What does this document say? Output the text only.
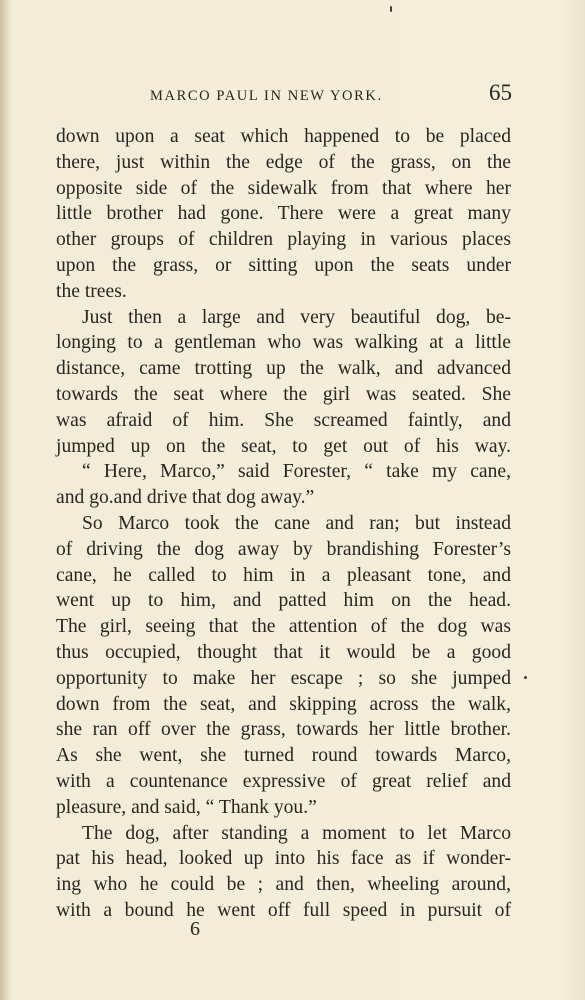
MARCO PAUL IN NEW YORK.	65

down upon a seat which happened to be placed

there, just within the edge of the grass, on the

opposite side of the sidewalk from that where her

little brother had gone. There were a great many

other groups of children playing in various places

upon the grass, or sitting upon the seats under

the trees.

Just then a large and very beautiful dog, be-

longing to a gentleman who was walking at a little

distance, came trotting up the walk, and advanced

towards the seat where the girl was seated. She

was afraid of him. She screamed faintly, and

jumped up on the seat, to get out of his way.

“ Here, Marco,” said Forester, “ take my cane,

and go.and drive that dog away.”

So Marco took the cane and ran; but instead

of driving the dog away by brandishing Forester’s

cane, he called to him in a pleasant tone, and

went up to him, and patted him on the head.

The girl, seeing that the attention of the dog was

thus occupied, thought that it would be a good

opportunity to make her escape ; so she jumped

down from the seat, and skipping across the walk,

she ran off over the grass, towards her little brother.

As she went, she turned round towards Marco,

with a countenance expressive of great relief and

pleasure, and said, “ Thank you.”

The dog, after standing a moment to let Marco

pat his head, looked up into his face as if wonder-

ing who he could be ; and then, wheeling around,

with a bound he went off full speed in pursuit of

6
